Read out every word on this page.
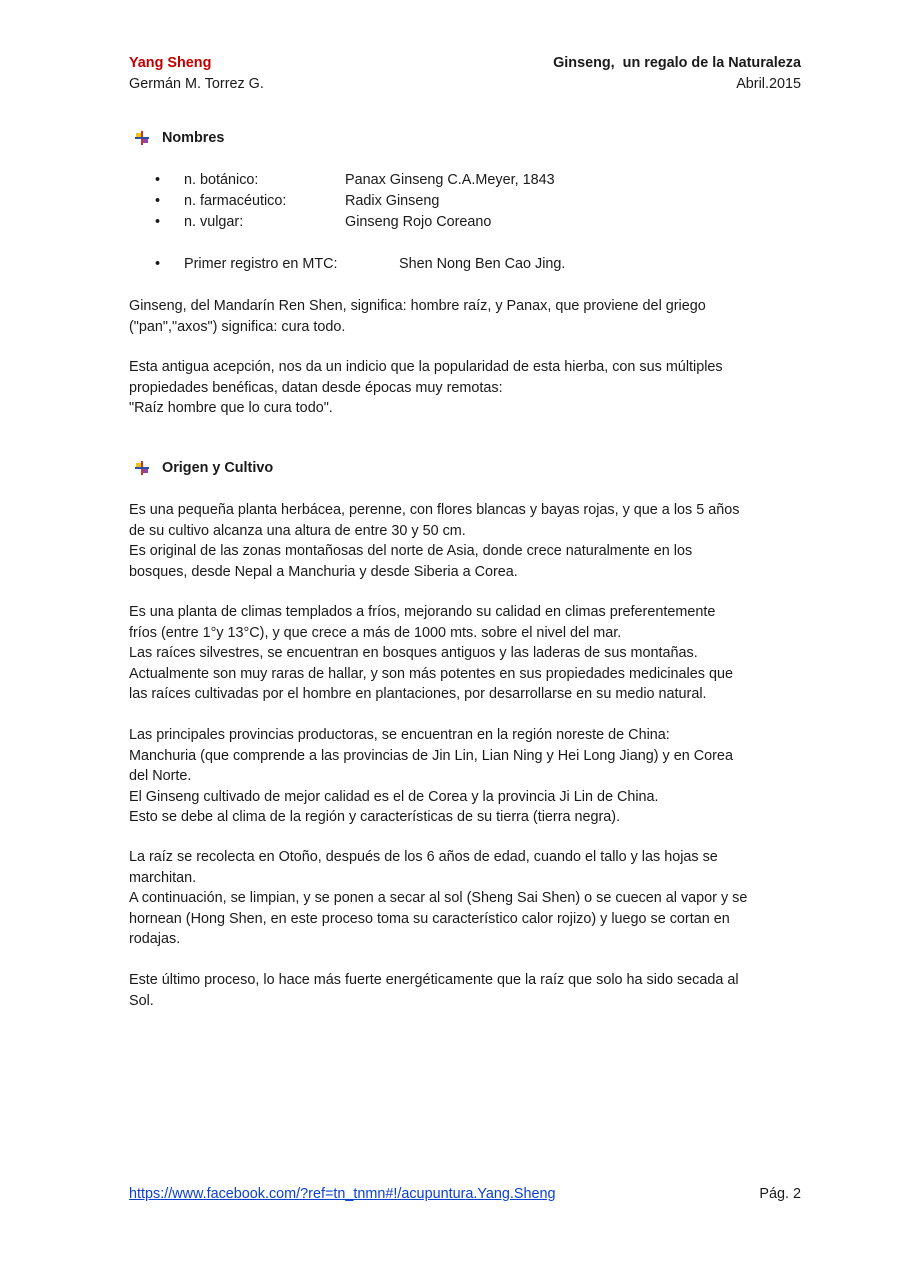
Yang Sheng
Germán M. Torrez G.
Ginseng,  un regalo de la Naturaleza
Abril.2015
Nombres
• n. botánico:	Panax Ginseng C.A.Meyer, 1843
• n. farmacéutico:	Radix Ginseng
• n. vulgar:	Ginseng Rojo Coreano
• Primer registro en MTC:	Shen Nong Ben Cao Jing.
Ginseng, del Mandarín Ren Shen, significa: hombre raíz, y Panax, que proviene del griego
("pan","axos") significa: cura todo.
Esta antigua acepción, nos da un indicio que la popularidad de esta hierba, con sus múltiples
propiedades benéficas, datan desde épocas muy remotas:
"Raíz hombre que lo cura todo".
Origen y Cultivo
Es una pequeña planta herbácea, perenne, con flores blancas y bayas rojas, y que a los 5 años
de su cultivo alcanza una altura de entre 30 y 50 cm.
Es original de las zonas montañosas del norte de Asia, donde crece naturalmente en los
bosques, desde Nepal a Manchuria y desde Siberia a Corea.
Es una planta de climas templados a fríos, mejorando su calidad en climas preferentemente
fríos (entre 1°y 13°C), y que crece a más de 1000 mts. sobre el nivel del mar.
Las raíces silvestres, se encuentran en bosques antiguos y las laderas de sus montañas.
Actualmente son muy raras de hallar, y son más potentes en sus propiedades medicinales que
las raíces cultivadas por el hombre en plantaciones, por desarrollarse en su medio natural.
Las principales provincias productoras, se encuentran en la región noreste de China:
Manchuria (que comprende a las provincias de Jin Lin, Lian Ning y Hei Long Jiang) y en Corea
del Norte.
El Ginseng cultivado de mejor calidad es el de Corea y la provincia Ji Lin de China.
Esto se debe al clima de la región y características de su tierra (tierra negra).
La raíz se recolecta en Otoño, después de los 6 años de edad, cuando el tallo y las hojas se
marchitan.
A continuación, se limpian, y se ponen a secar al sol (Sheng Sai Shen) o se cuecen al vapor y se
hornean (Hong Shen, en este proceso toma su característico calor rojizo) y luego se cortan en
rodajas.
Este último proceso, lo hace más fuerte energéticamente que la raíz que solo ha sido secada al
Sol.
https://www.facebook.com/?ref=tn_tnmn#!/acupuntura.Yang.Sheng	Pág. 2
